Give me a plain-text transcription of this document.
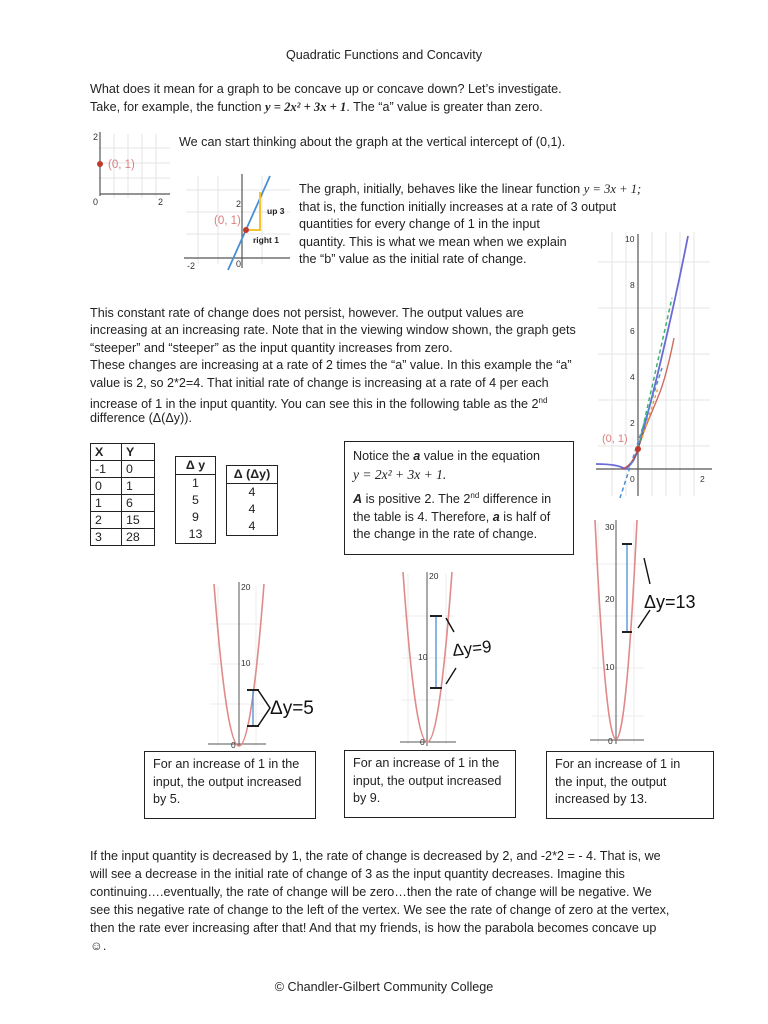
Quadratic Functions and Concavity
What does it mean for a graph to be concave up or concave down? Let’s investigate.
Take, for example, the function y = 2x² + 3x + 1. The “a” value is greater than zero.
(0, 1)
2
0	2
We can start thinking about the graph at the vertical intercept of (0,1).
(0, 1)
up 3
right 1
2
0
-2
The graph, initially, behaves like the linear function y = 3x + 1;
that is, the function initially increases at a rate of 3 output
quantities for every change of 1 in the input
quantity. This is what we mean when we explain
the “b” value as the initial rate of change.
(0, 1)
10
8
6
4
2
0	2
This constant rate of change does not persist, however. The output values are
increasing at an increasing rate. Note that in the viewing window shown, the graph gets
“steeper” and “steeper” as the input quantity increases from zero.
These changes are increasing at a rate of 2 times the “a” value. In this example the “a”
value is 2, so 2*2=4. That initial rate of change is increasing at a rate of 4 per each
increase of 1 in the input quantity. You can see this in the following table as the 2nd
difference (Δ(Δy)).
X	Y
-1	0
0	1
1	6
2	15
3	28
Δ y
1
5
9
13
Δ (Δy)
4
4
4
Notice the a value in the equation
y = 2x² + 3x + 1.
A is positive 2. The 2nd difference in
the table is 4. Therefore, a is half of
the change in the rate of change.
20
10
0
Δy=5
20
10
0
Δy=9
30
20
10
0
Δy=13
For an increase of 1 in the
input, the output increased
by 5.
For an increase of 1 in the
input, the output increased
by 9.
For an increase of 1 in
the input, the output
increased by 13.
If the input quantity is decreased by 1, the rate of change is decreased by 2, and -2*2 = - 4. That is, we
will see a decrease in the initial rate of change of 3 as the input quantity decreases. Imagine this
continuing….eventually, the rate of change will be zero…then the rate of change will be negative. We
see this negative rate of change to the left of the vertex. We see the rate of change of zero at the vertex,
then the rate ever increasing after that! And that my friends, is how the parabola becomes concave up
☺.
© Chandler-Gilbert Community College
